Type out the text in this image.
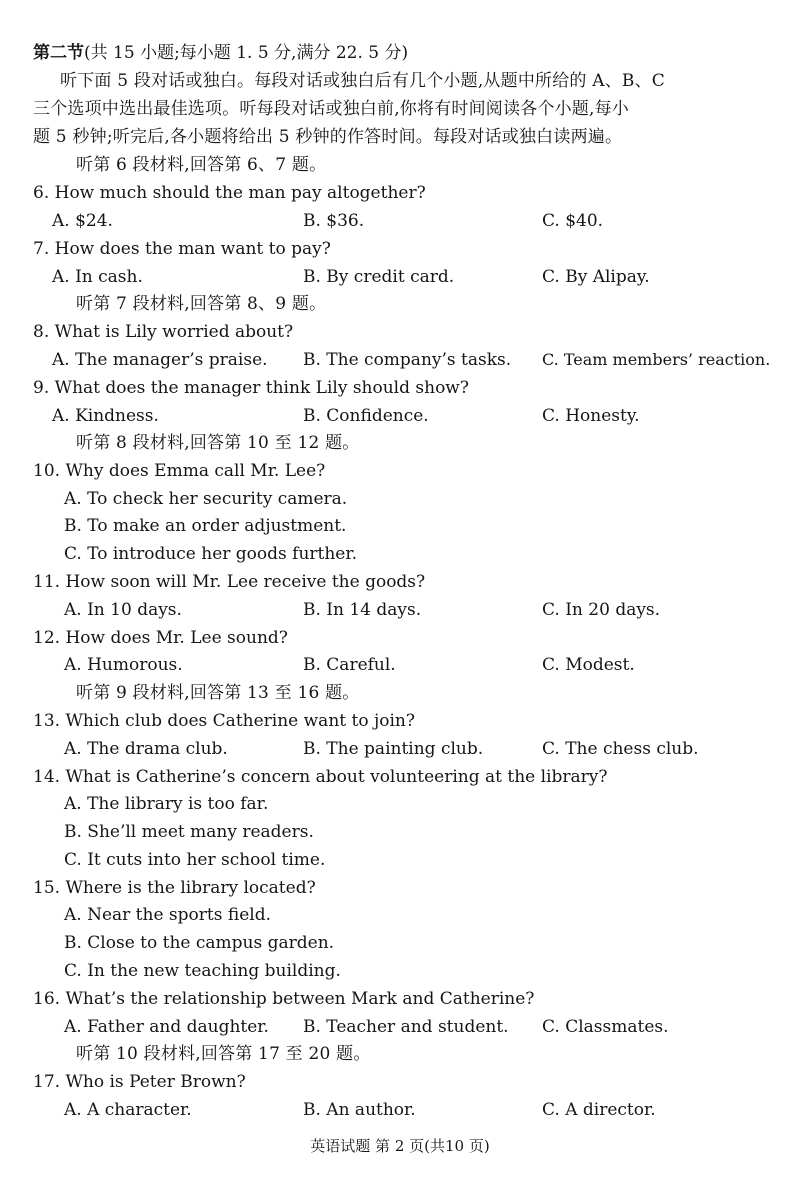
第二节(共 15 小题;每小题 1. 5 分,满分 22. 5 分)
听下面 5 段对话或独白。每段对话或独白后有几个小题,从题中所给的 A、B、C
三个选项中选出最佳选项。听每段对话或独白前,你将有时间阅读各个小题,每小
题 5 秒钟;听完后,各小题将给出 5 秒钟的作答时间。每段对话或独白读两遍。
听第 6 段材料,回答第 6、7 题。
6. How much should the man pay altogether?
A. $24.	B. $36.	C. $40.
7. How does the man want to pay?
A. In cash.	B. By credit card.	C. By Alipay.
听第 7 段材料,回答第 8、9 题。
8. What is Lily worried about?
A. The manager’s praise. B. The company’s tasks. C. Team members’ reaction.
9. What does the manager think Lily should show?
A. Kindness.	B. Confidence.	C. Honesty.
听第 8 段材料,回答第 10 至 12 题。
10. Why does Emma call Mr. Lee?
A. To check her security camera.
B. To make an order adjustment.
C. To introduce her goods further.
11. How soon will Mr. Lee receive the goods?
A. In 10 days.	B. In 14 days.	C. In 20 days.
12. How does Mr. Lee sound?
A. Humorous.	B. Careful.	C. Modest.
听第 9 段材料,回答第 13 至 16 题。
13. Which club does Catherine want to join?
A. The drama club.	B. The painting club.	C. The chess club.
14. What is Catherine’s concern about volunteering at the library?
A. The library is too far.
B. She’ll meet many readers.
C. It cuts into her school time.
15. Where is the library located?
A. Near the sports field.
B. Close to the campus garden.
C. In the new teaching building.
16. What’s the relationship between Mark and Catherine?
A. Father and daughter. B. Teacher and student. C. Classmates.
听第 10 段材料,回答第 17 至 20 题。
17. Who is Peter Brown?
A. A character.	B. An author.	C. A director.
英语试题 第 2 页(共10 页)
